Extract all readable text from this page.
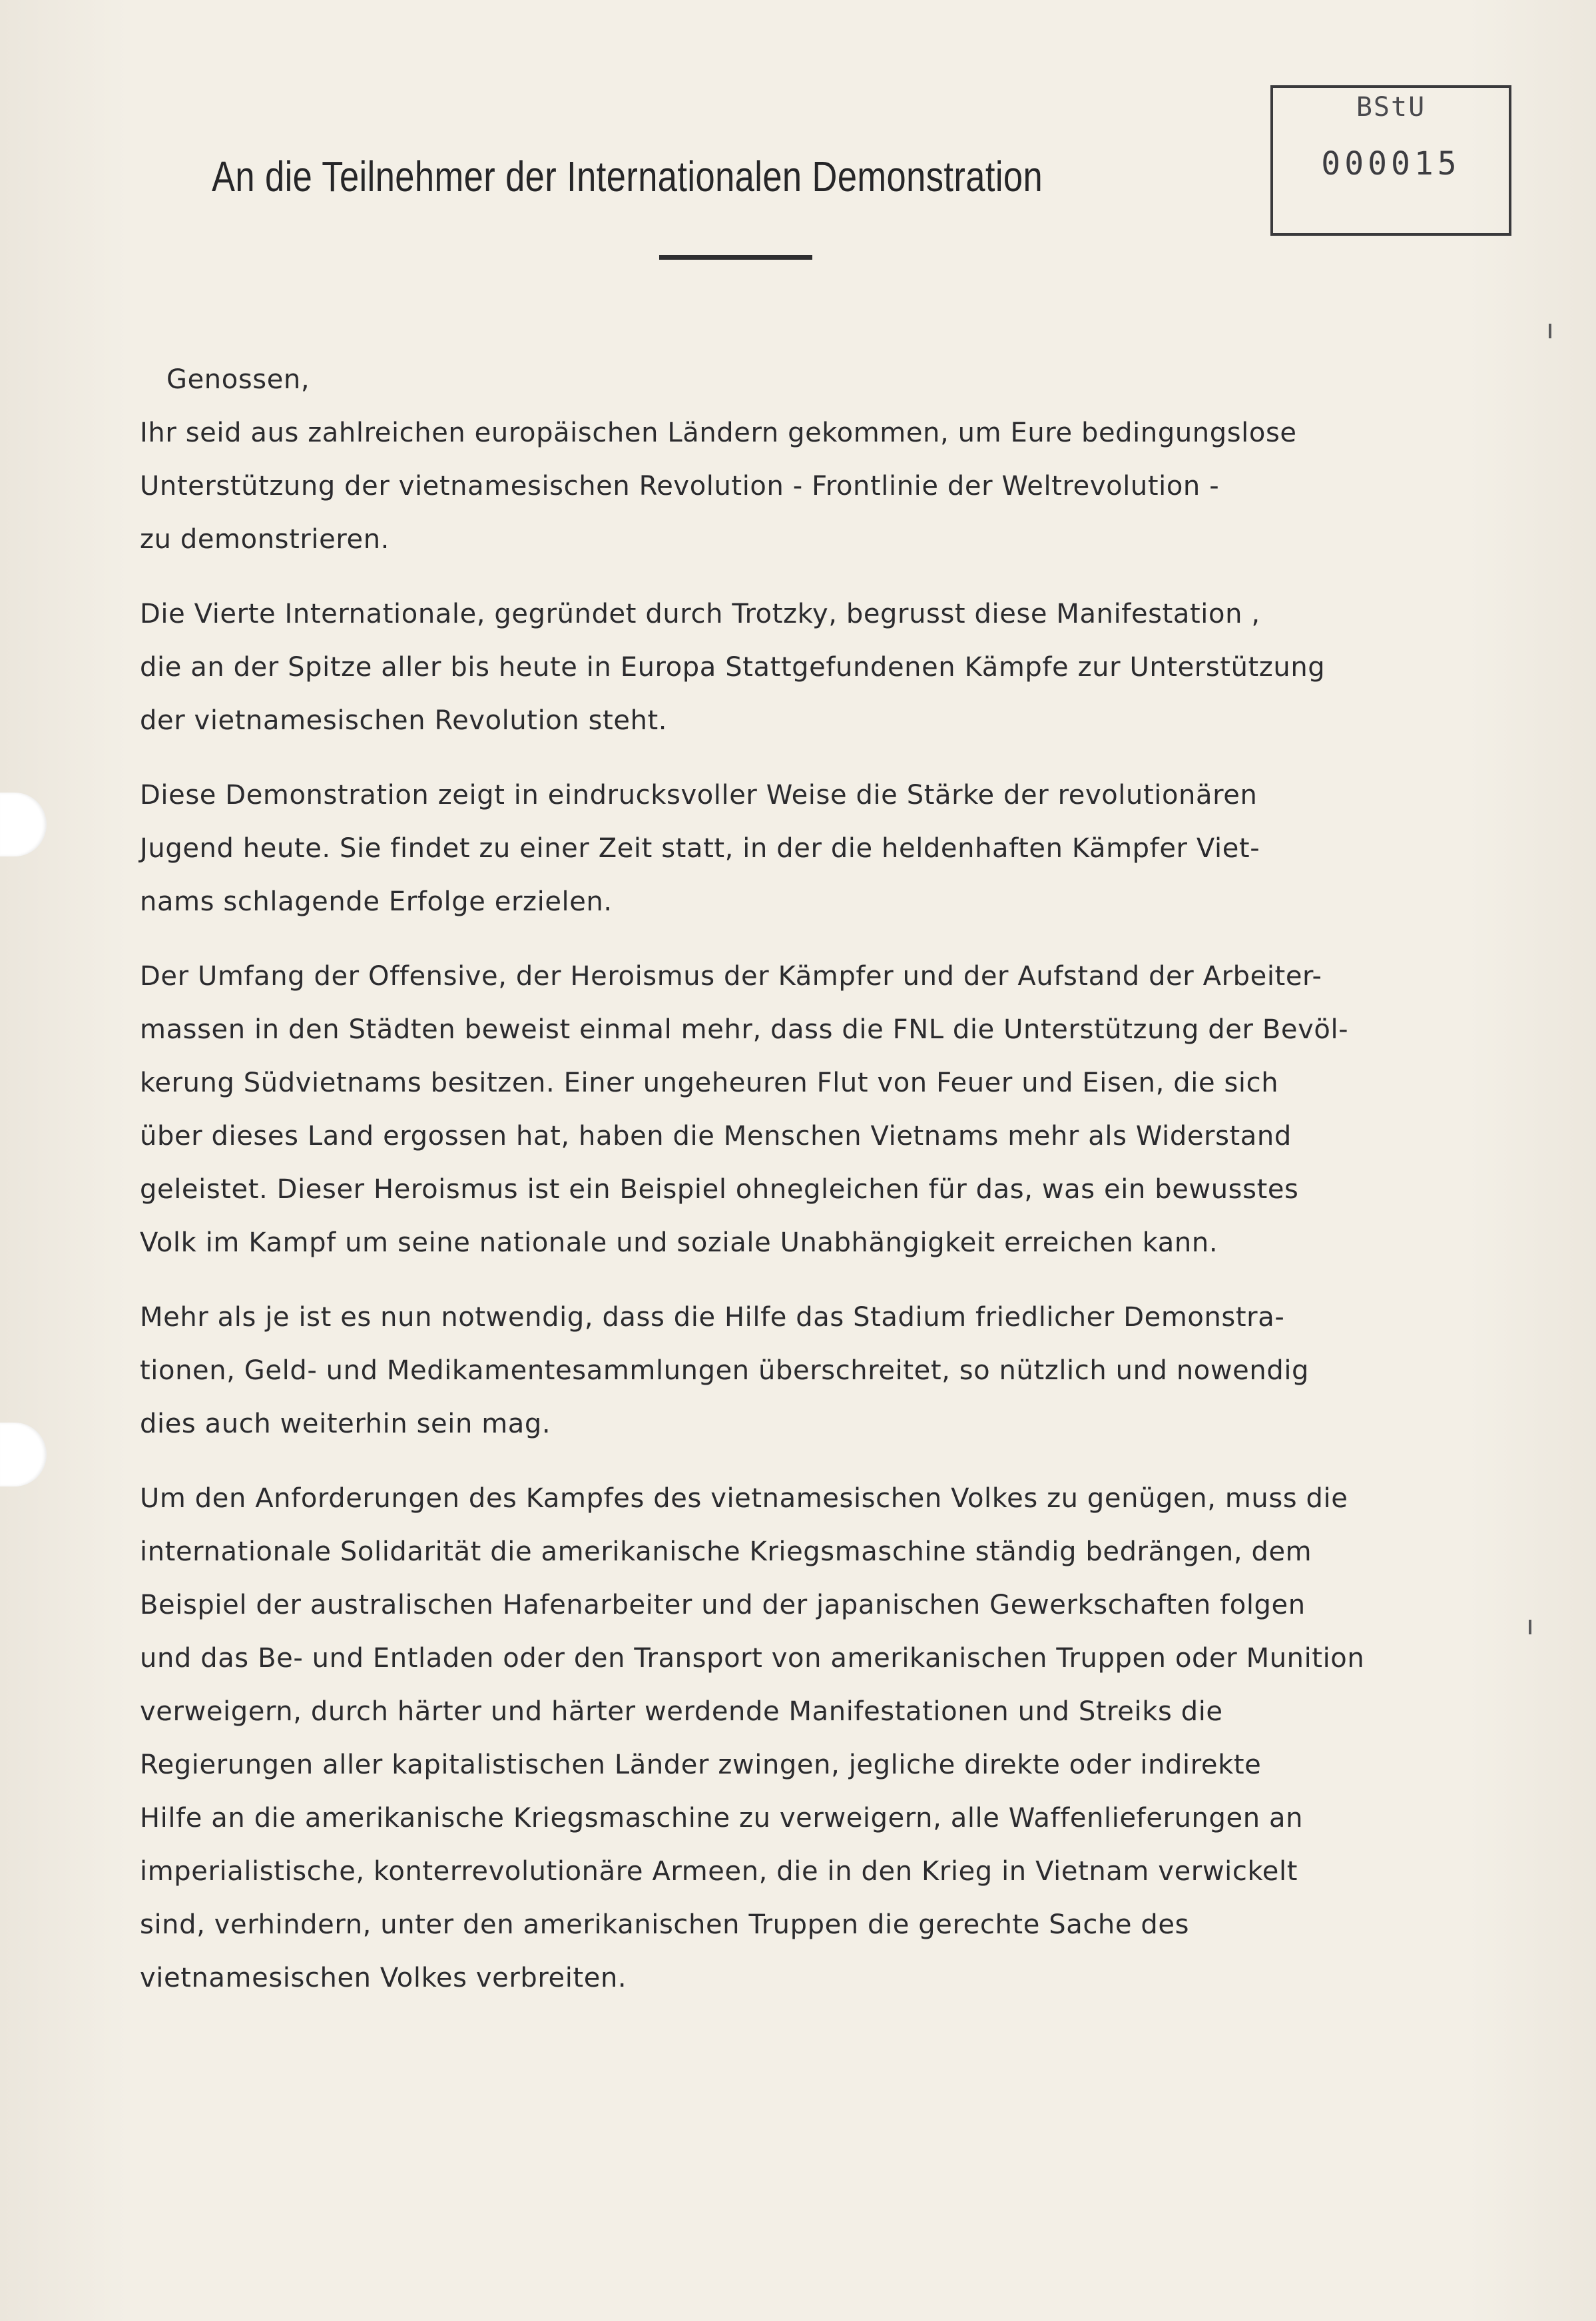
BStU
000015
An die Teilnehmer der Internationalen Demonstration
Genossen,
Ihr seid aus zahlreichen europäischen Ländern gekommen, um Eure bedingungslose
Unterstützung der vietnamesischen Revolution - Frontlinie der Weltrevolution -
zu demonstrieren.
Die Vierte Internationale, gegründet durch Trotzky, begrusst diese Manifestation ,
die an der Spitze aller bis heute in Europa Stattgefundenen Kämpfe zur Unterstützung
der vietnamesischen Revolution steht.
Diese Demonstration zeigt in eindrucksvoller Weise die Stärke der revolutionären
Jugend heute. Sie findet zu einer Zeit statt, in der die heldenhaften Kämpfer Viet-
nams schlagende Erfolge erzielen.
Der Umfang der Offensive, der Heroismus der Kämpfer und der Aufstand der Arbeiter-
massen in den Städten beweist einmal mehr, dass die FNL die Unterstützung der Bevöl-
kerung Südvietnams besitzen. Einer ungeheuren Flut von Feuer und Eisen, die sich
über dieses Land ergossen hat, haben die Menschen Vietnams mehr als Widerstand
geleistet. Dieser Heroismus ist ein Beispiel ohnegleichen für das, was ein bewusstes
Volk im Kampf um seine nationale und soziale Unabhängigkeit erreichen kann.
Mehr als je ist es nun notwendig, dass die Hilfe das Stadium friedlicher Demonstra-
tionen, Geld- und Medikamentesammlungen überschreitet, so nützlich und nowendig
dies auch weiterhin sein mag.
Um den Anforderungen des Kampfes des vietnamesischen Volkes zu genügen, muss die
internationale Solidarität die amerikanische Kriegsmaschine ständig bedrängen, dem
Beispiel der australischen Hafenarbeiter und der japanischen Gewerkschaften folgen
und das Be- und Entladen oder den Transport von amerikanischen Truppen oder Munition
verweigern, durch härter und härter werdende Manifestationen und Streiks die
Regierungen aller kapitalistischen Länder zwingen, jegliche direkte oder indirekte
Hilfe an die amerikanische Kriegsmaschine zu verweigern, alle Waffenlieferungen an
imperialistische, konterrevolutionäre Armeen, die in den Krieg in Vietnam verwickelt
sind, verhindern, unter den amerikanischen Truppen die gerechte Sache des
vietnamesischen Volkes verbreiten.
